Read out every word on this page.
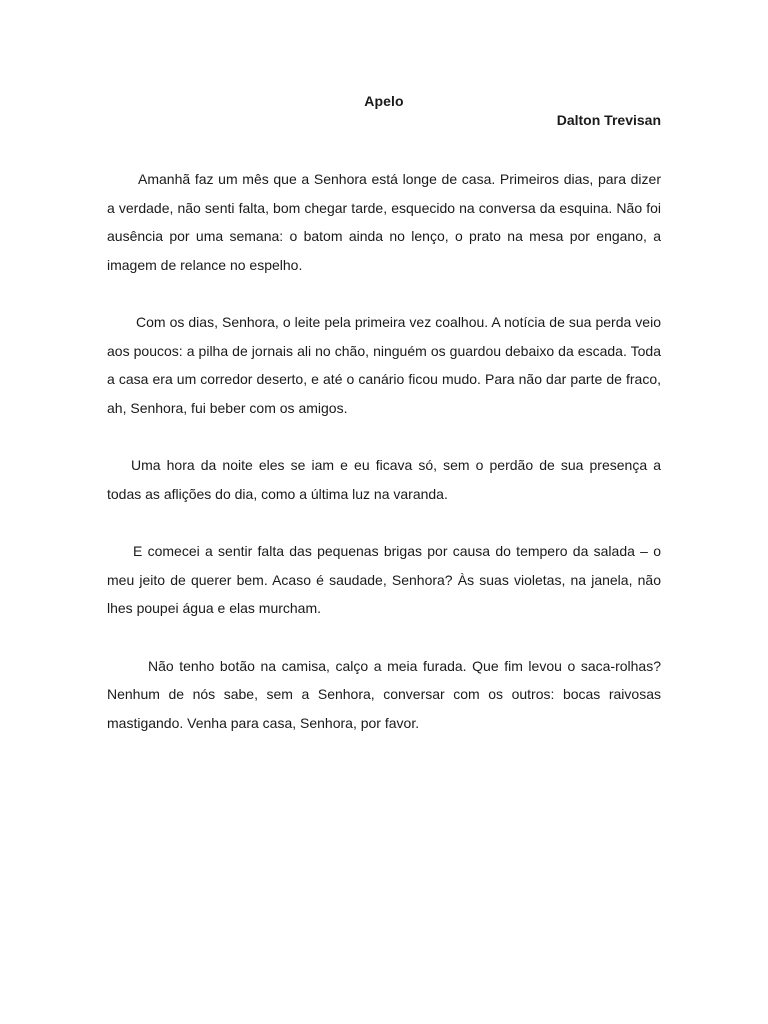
Apelo
Dalton Trevisan

Amanhã faz um mês que a Senhora está longe de casa. Primeiros dias, para dizer a verdade, não senti falta, bom chegar tarde, esquecido na conversa da esquina. Não foi ausência por uma semana: o batom ainda no lenço, o prato na mesa por engano, a imagem de relance no espelho.

Com os dias, Senhora, o leite pela primeira vez coalhou. A notícia de sua perda veio aos poucos: a pilha de jornais ali no chão, ninguém os guardou debaixo da escada. Toda a casa era um corredor deserto, e até o canário ficou mudo. Para não dar parte de fraco, ah, Senhora, fui beber com os amigos.

Uma hora da noite eles se iam e eu ficava só, sem o perdão de sua presença a todas as aflições do dia, como a última luz na varanda.

E comecei a sentir falta das pequenas brigas por causa do tempero da salada – o meu jeito de querer bem. Acaso é saudade, Senhora? Às suas violetas, na janela, não lhes poupei água e elas murcham.

Não tenho botão na camisa, calço a meia furada. Que fim levou o saca-rolhas? Nenhum de nós sabe, sem a Senhora, conversar com os outros: bocas raivosas mastigando. Venha para casa, Senhora, por favor.
